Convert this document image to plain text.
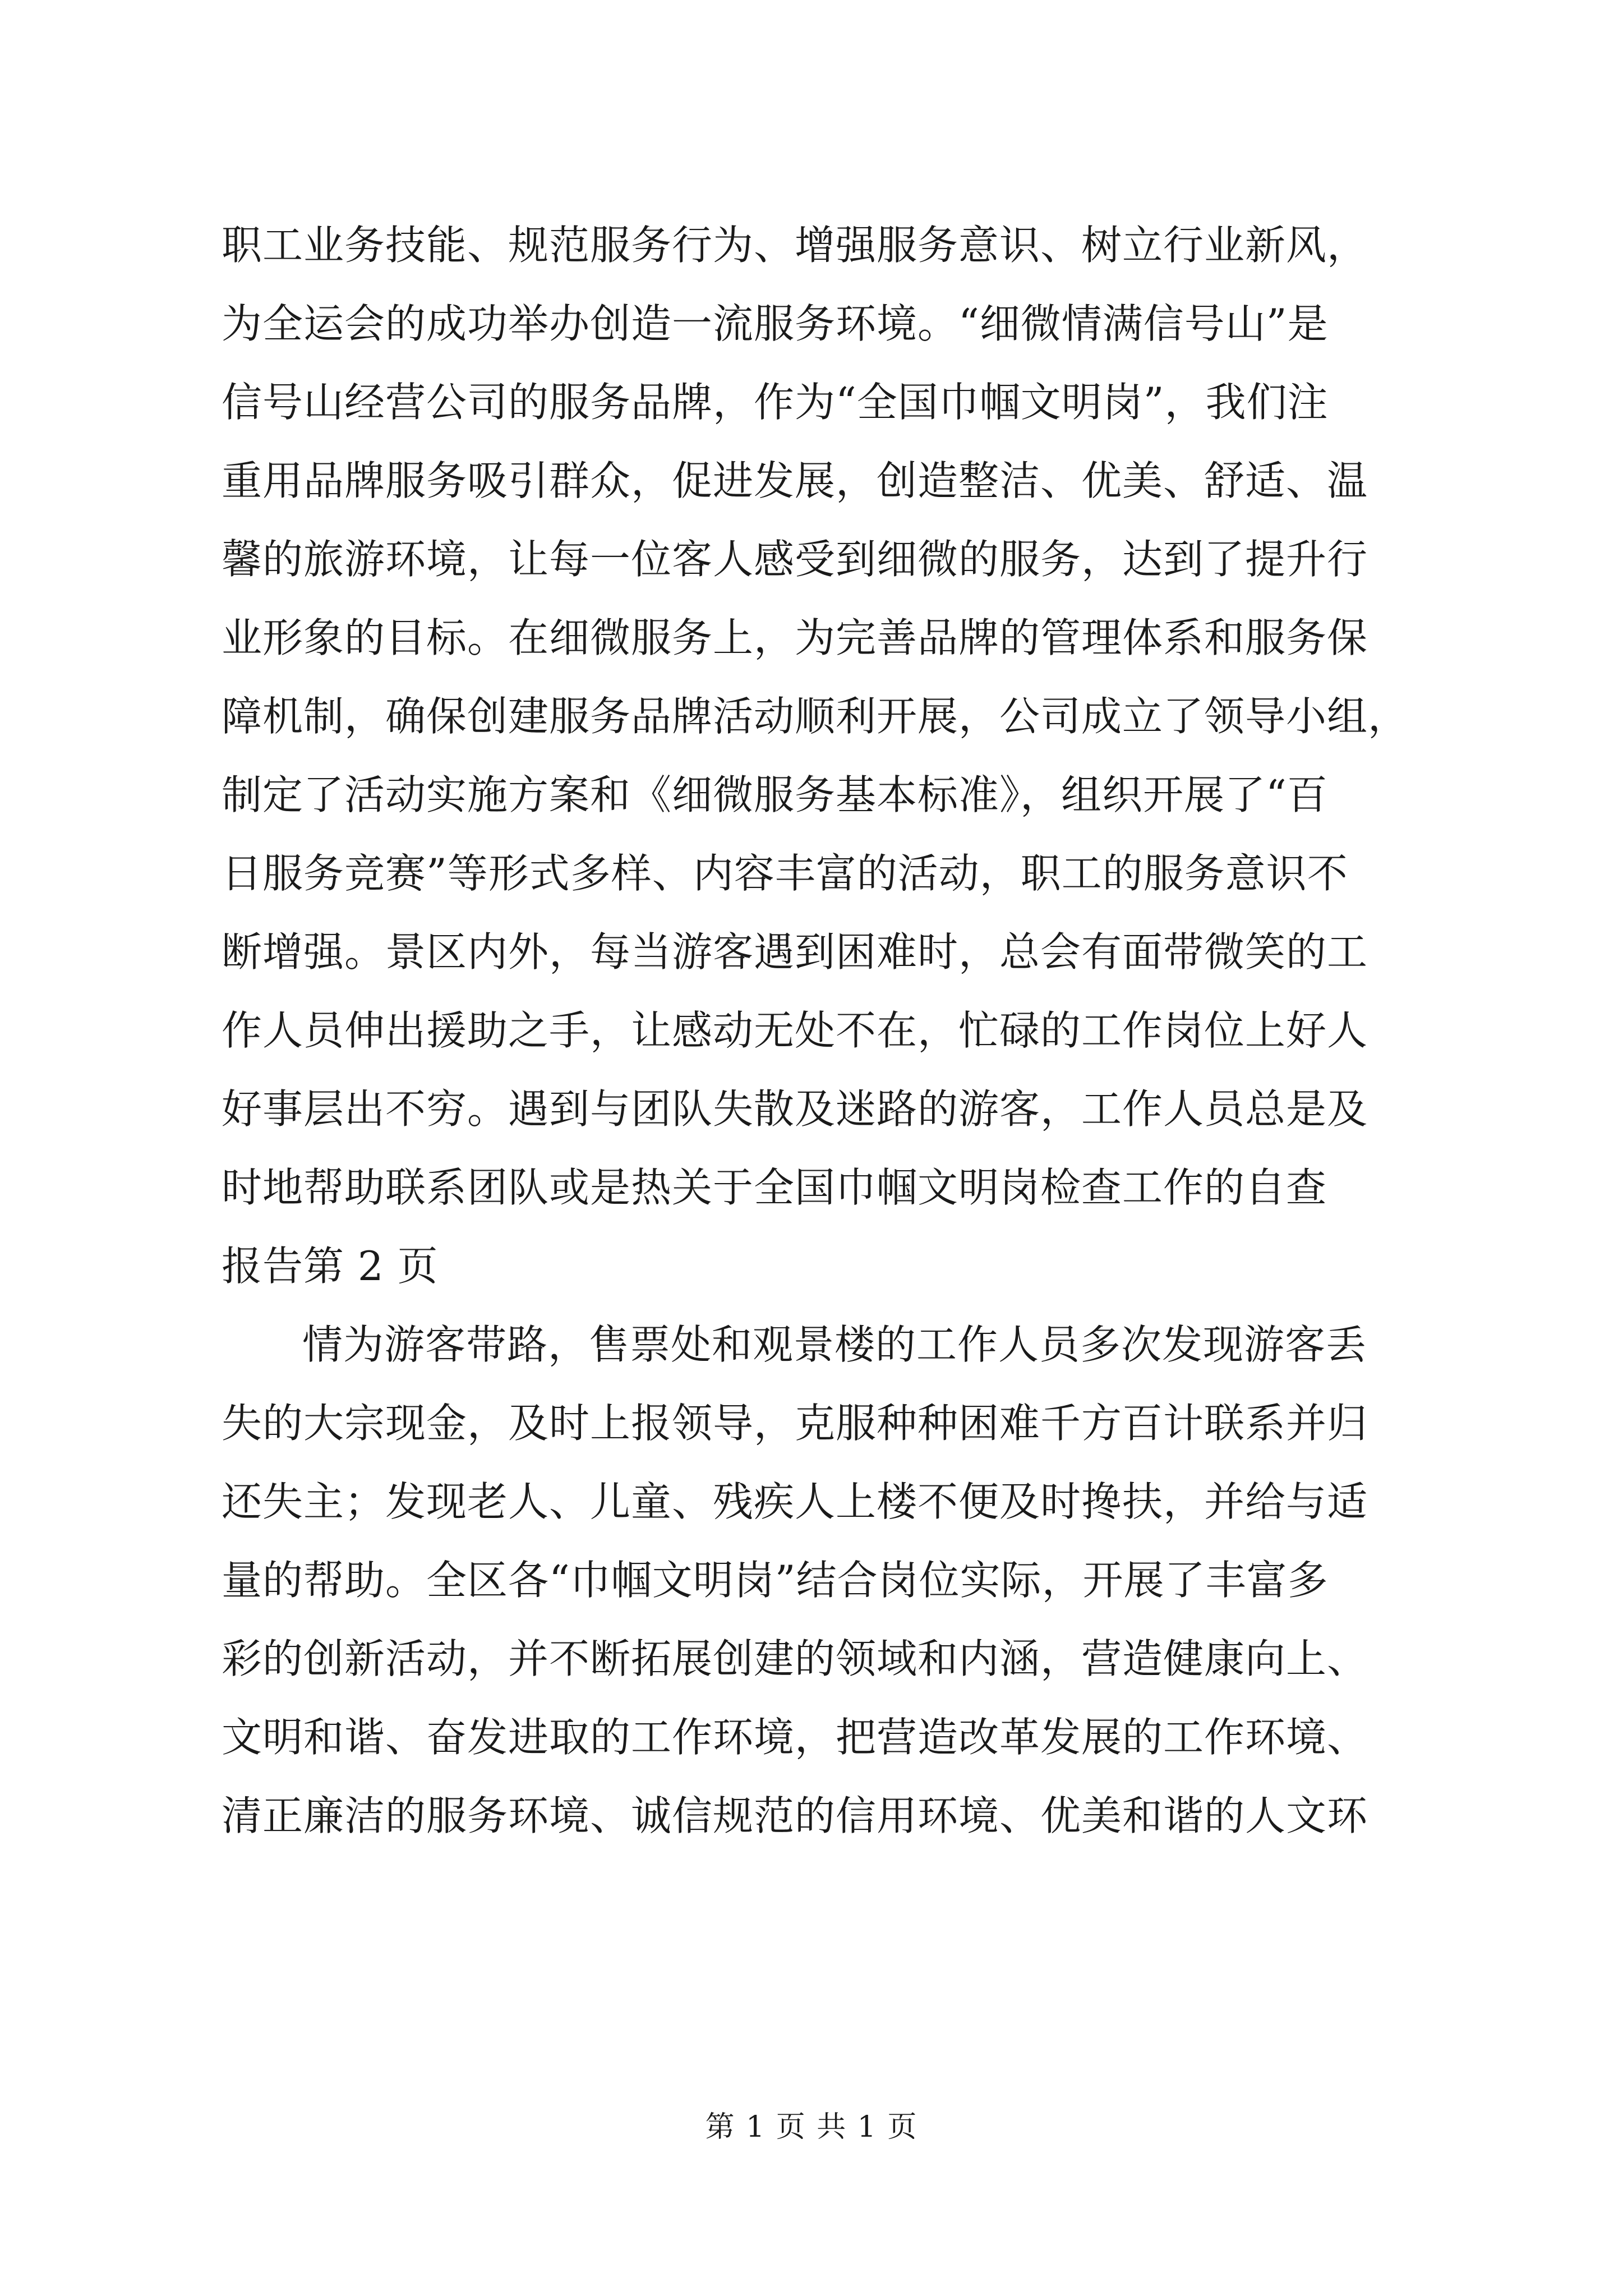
职工业务技能、规范服务行为、增强服务意识、树立行业新风，
为全运会的成功举办创造一流服务环境。“细微情满信号山”是
信号山经营公司的服务品牌，作为“全国巾帼文明岗”，我们注
重用品牌服务吸引群众，促进发展，创造整洁、优美、舒适、温
馨的旅游环境，让每一位客人感受到细微的服务，达到了提升行
业形象的目标。在细微服务上，为完善品牌的管理体系和服务保
障机制，确保创建服务品牌活动顺利开展，公司成立了领导小组，
制定了活动实施方案和《细微服务基本标准》，组织开展了“百
日服务竞赛”等形式多样、内容丰富的活动，职工的服务意识不
断增强。景区内外，每当游客遇到困难时，总会有面带微笑的工
作人员伸出援助之手，让感动无处不在，忙碌的工作岗位上好人
好事层出不穷。遇到与团队失散及迷路的游客，工作人员总是及
时地帮助联系团队或是热关于全国巾帼文明岗检查工作的自查
报告第 2 页
情为游客带路，售票处和观景楼的工作人员多次发现游客丢
失的大宗现金，及时上报领导，克服种种困难千方百计联系并归
还失主；发现老人、儿童、残疾人上楼不便及时搀扶，并给与适
量的帮助。全区各“巾帼文明岗”结合岗位实际，开展了丰富多
彩的创新活动，并不断拓展创建的领域和内涵，营造健康向上、
文明和谐、奋发进取的工作环境，把营造改革发展的工作环境、
清正廉洁的服务环境、诚信规范的信用环境、优美和谐的人文环
第 1 页 共 1 页
